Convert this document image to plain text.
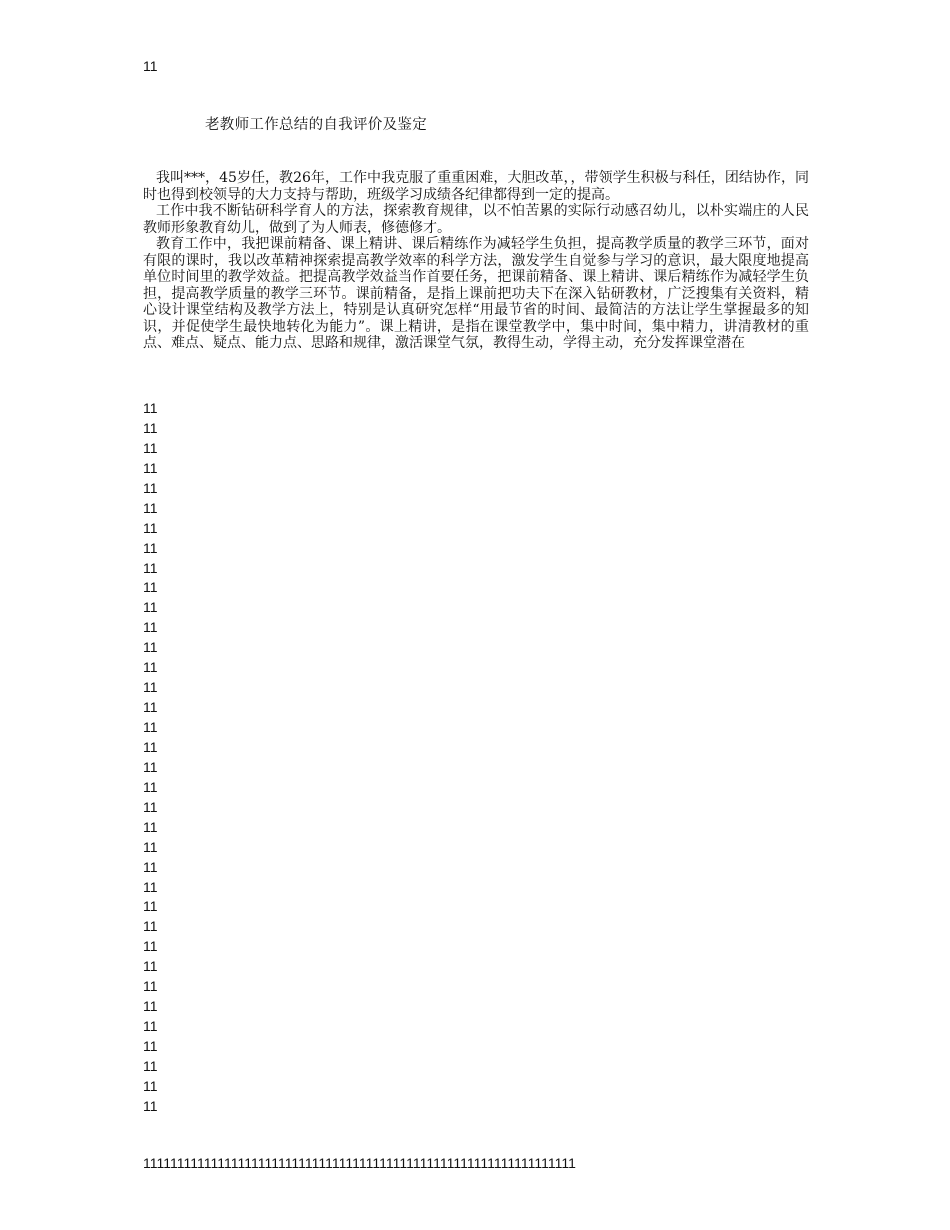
11
老教师工作总结的自我评价及鉴定

我叫***，45岁任，教26年，工作中我克服了重重困难，大胆改革，，带领学生积极与科任，团结协作，同时也得到校领导的大力支持与帮助，班级学习成绩各纪律都得到一定的提高。

工作中我不断钻研科学育人的方法，探索教育规律，以不怕苦累的实际行动感召幼儿，以朴实端庄的人民教师形象教育幼儿，做到了为人师表，修德修才。

教育工作中，我把课前精备、课上精讲、课后精练作为减轻学生负担，提高教学质量的教学三环节，面对有限的课时，我以改革精神探索提高教学效率的科学方法，激发学生自觉参与学习的意识，最大限度地提高单位时间里的教学效益。把提高教学效益当作首要任务，把课前精备、课上精讲、课后精练作为减轻学生负担，提高教学质量的教学三环节。课前精备，是指上课前把功夫下在深入钻研教材，广泛搜集有关资料，精心设计课堂结构及教学方法上，特别是认真研究怎样“用最节省的时间、最简洁的方法让学生掌握最多的知识，并促使学生最快地转化为能力”。课上精讲，是指在课堂教学中，集中时间，集中精力，讲清教材的重点、难点、疑点、能力点、思路和规律，激活课堂气氛，教得生动，学得主动，充分发挥课堂潜在

11
11
11
11
11
11
11
11
11
11
11
11
11
11
11
11
11
11
11
11
11
11
11
11
11
11
11
11
11
11
11
11
11
11
11
11
1111111111111111111111111111111111111111111111111111111111111111
